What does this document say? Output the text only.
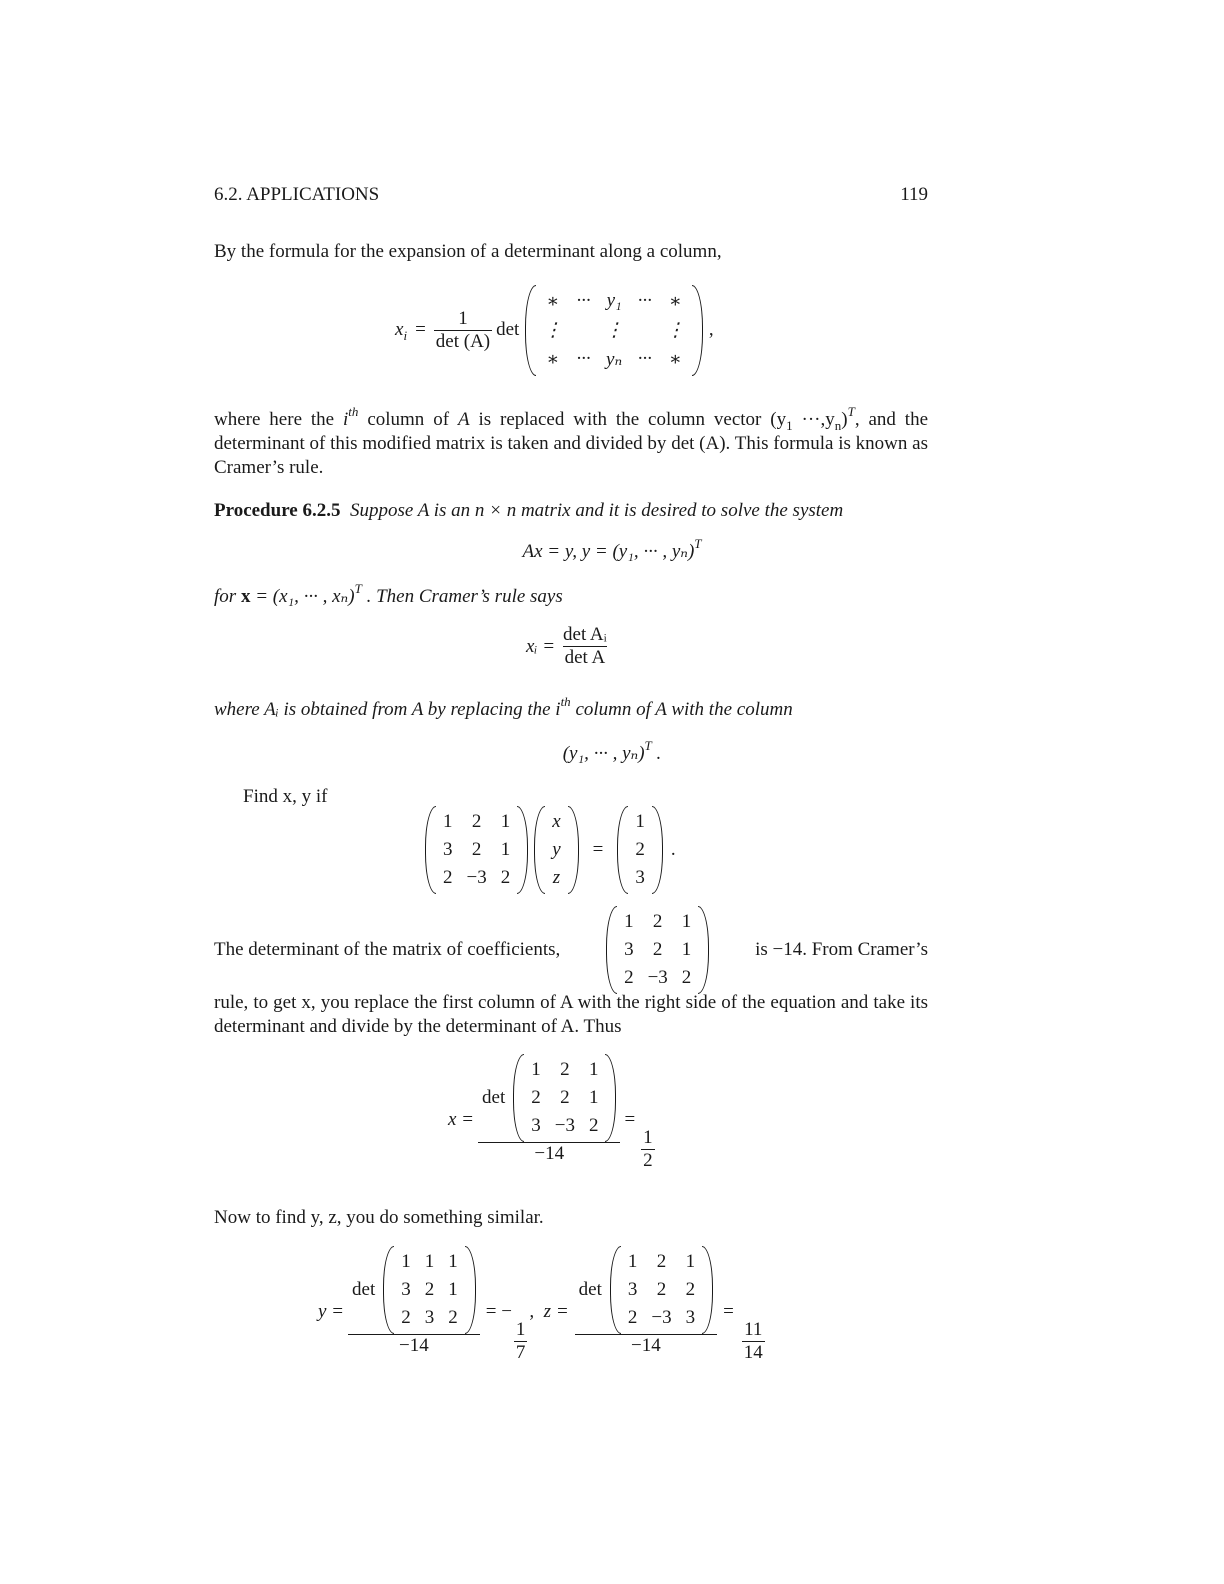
6.2. APPLICATIONS	119
By the formula for the expansion of a determinant along a column,
$x_i = \frac{1}{\det (A)}$ det
∗	···	y₁	···	∗
⋮		⋮		⋮
∗	···	yₙ	···	∗
,
where here the $i^{th}$ column of A is replaced with the column vector $(y_1 \cdot\cdot\cdot,y_n)^T$, and the determinant of this modified matrix is taken and divided by det (A). This formula is known as Cramer’s rule.
Procedure 6.2.5 Suppose A is an n × n matrix and it is desired to solve the system
Ax = y, y = (y₁, ··· , yₙ)$^T$
for x = (x₁, ··· , xₙ)$^T$ . Then Cramer’s rule says
xᵢ = $\frac{\text{det Aᵢ}}{\text{det A}}$
where Aᵢ is obtained from A by replacing the $i^{th}$ column of A with the column
(y₁, ··· , yₙ)$^T$ .
Find x, y if
1	2	1
3	2	1
2	−3	2
x
y
z
=
1
2
3
.
The determinant of the matrix of coefficients,
1	2	1
3	2	1
2	−3	2
is −14. From Cramer’s
rule, to get x, you replace the first column of A with the right side of the equation and take its determinant and divide by the determinant of A. Thus
x = det
1	2	1
2	2	1
3	−3	2
−14 =
$\frac{1}{2}$
Now to find y, z, you do something similar.
y = det
1	1	1
3	2	1
2	3	2
−14 = −
$\frac{1}{7}$
,  z = det
1	2	1
3	2	2
2	−3	3
−14 =
$\frac{11}{14}$
